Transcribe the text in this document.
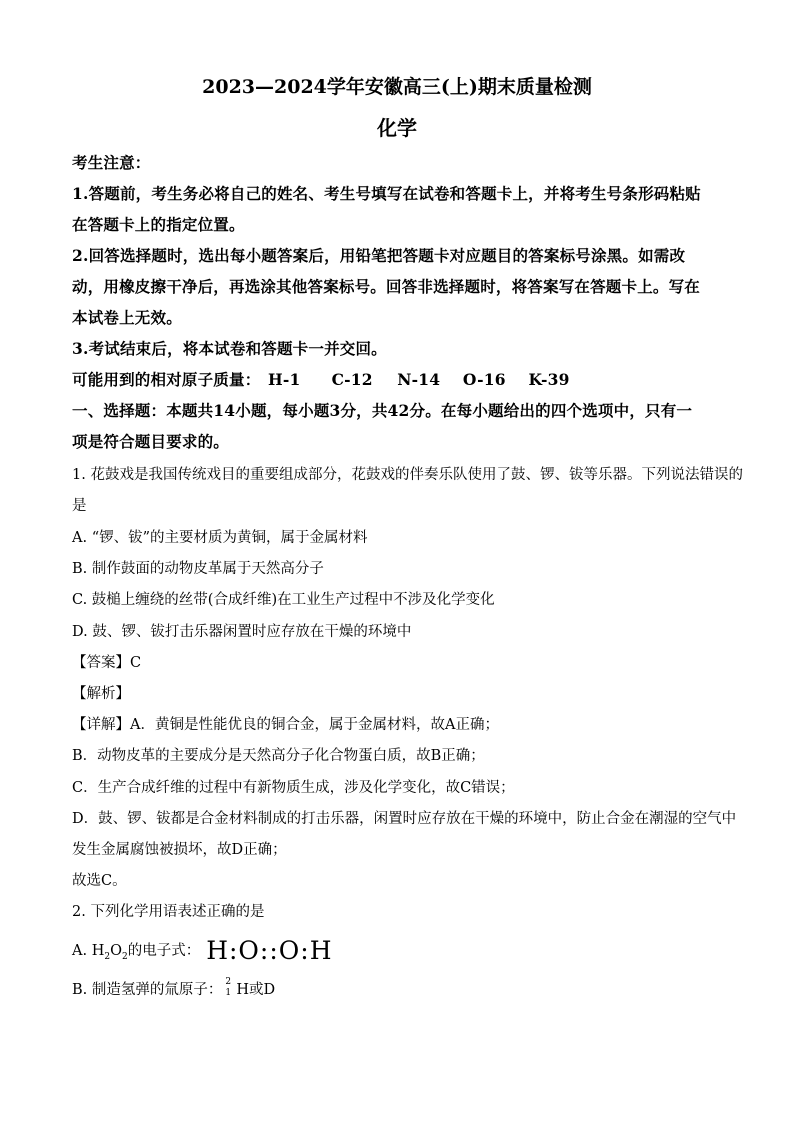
2023—2024学年安徽高三(上)期末质量检测
化学
考生注意：
1.答题前，考生务必将自己的姓名、考生号填写在试卷和答题卡上，并将考生号条形码粘贴
在答题卡上的指定位置。
2.回答选择题时，选出每小题答案后，用铅笔把答题卡对应题目的答案标号涂黑。如需改
动，用橡皮擦干净后，再选涂其他答案标号。回答非选择题时，将答案写在答题卡上。写在
本试卷上无效。
3.考试结束后，将本试卷和答题卡一并交回。
可能用到的相对原子质量： H-1 C-12 N-14 O-16 K-39
一、选择题：本题共14小题，每小题3分，共42分。在每小题给出的四个选项中，只有一
项是符合题目要求的。
1. 花鼓戏是我国传统戏目的重要组成部分，花鼓戏的伴奏乐队使用了鼓、锣、钹等乐器。下列说法错误的
是
A. “锣、钹”的主要材质为黄铜，属于金属材料
B. 制作鼓面的动物皮革属于天然高分子
C. 鼓槌上缠绕的丝带(合成纤维)在工业生产过程中不涉及化学变化
D. 鼓、锣、钹打击乐器闲置时应存放在干燥的环境中
【答案】C
【解析】
【详解】A．黄铜是性能优良的铜合金，属于金属材料，故A正确；
B．动物皮革的主要成分是天然高分子化合物蛋白质，故B正确；
C．生产合成纤维的过程中有新物质生成，涉及化学变化，故C错误；
D．鼓、锣、钹都是合金材料制成的打击乐器，闲置时应存放在干燥的环境中，防止合金在潮湿的空气中
发生金属腐蚀被损坏，故D正确；
故选C。
2. 下列化学用语表述正确的是
A. $H_2O_2$的电子式： H:O::O:H
B. 制造氢弹的氚原子： 2
1 H或D
